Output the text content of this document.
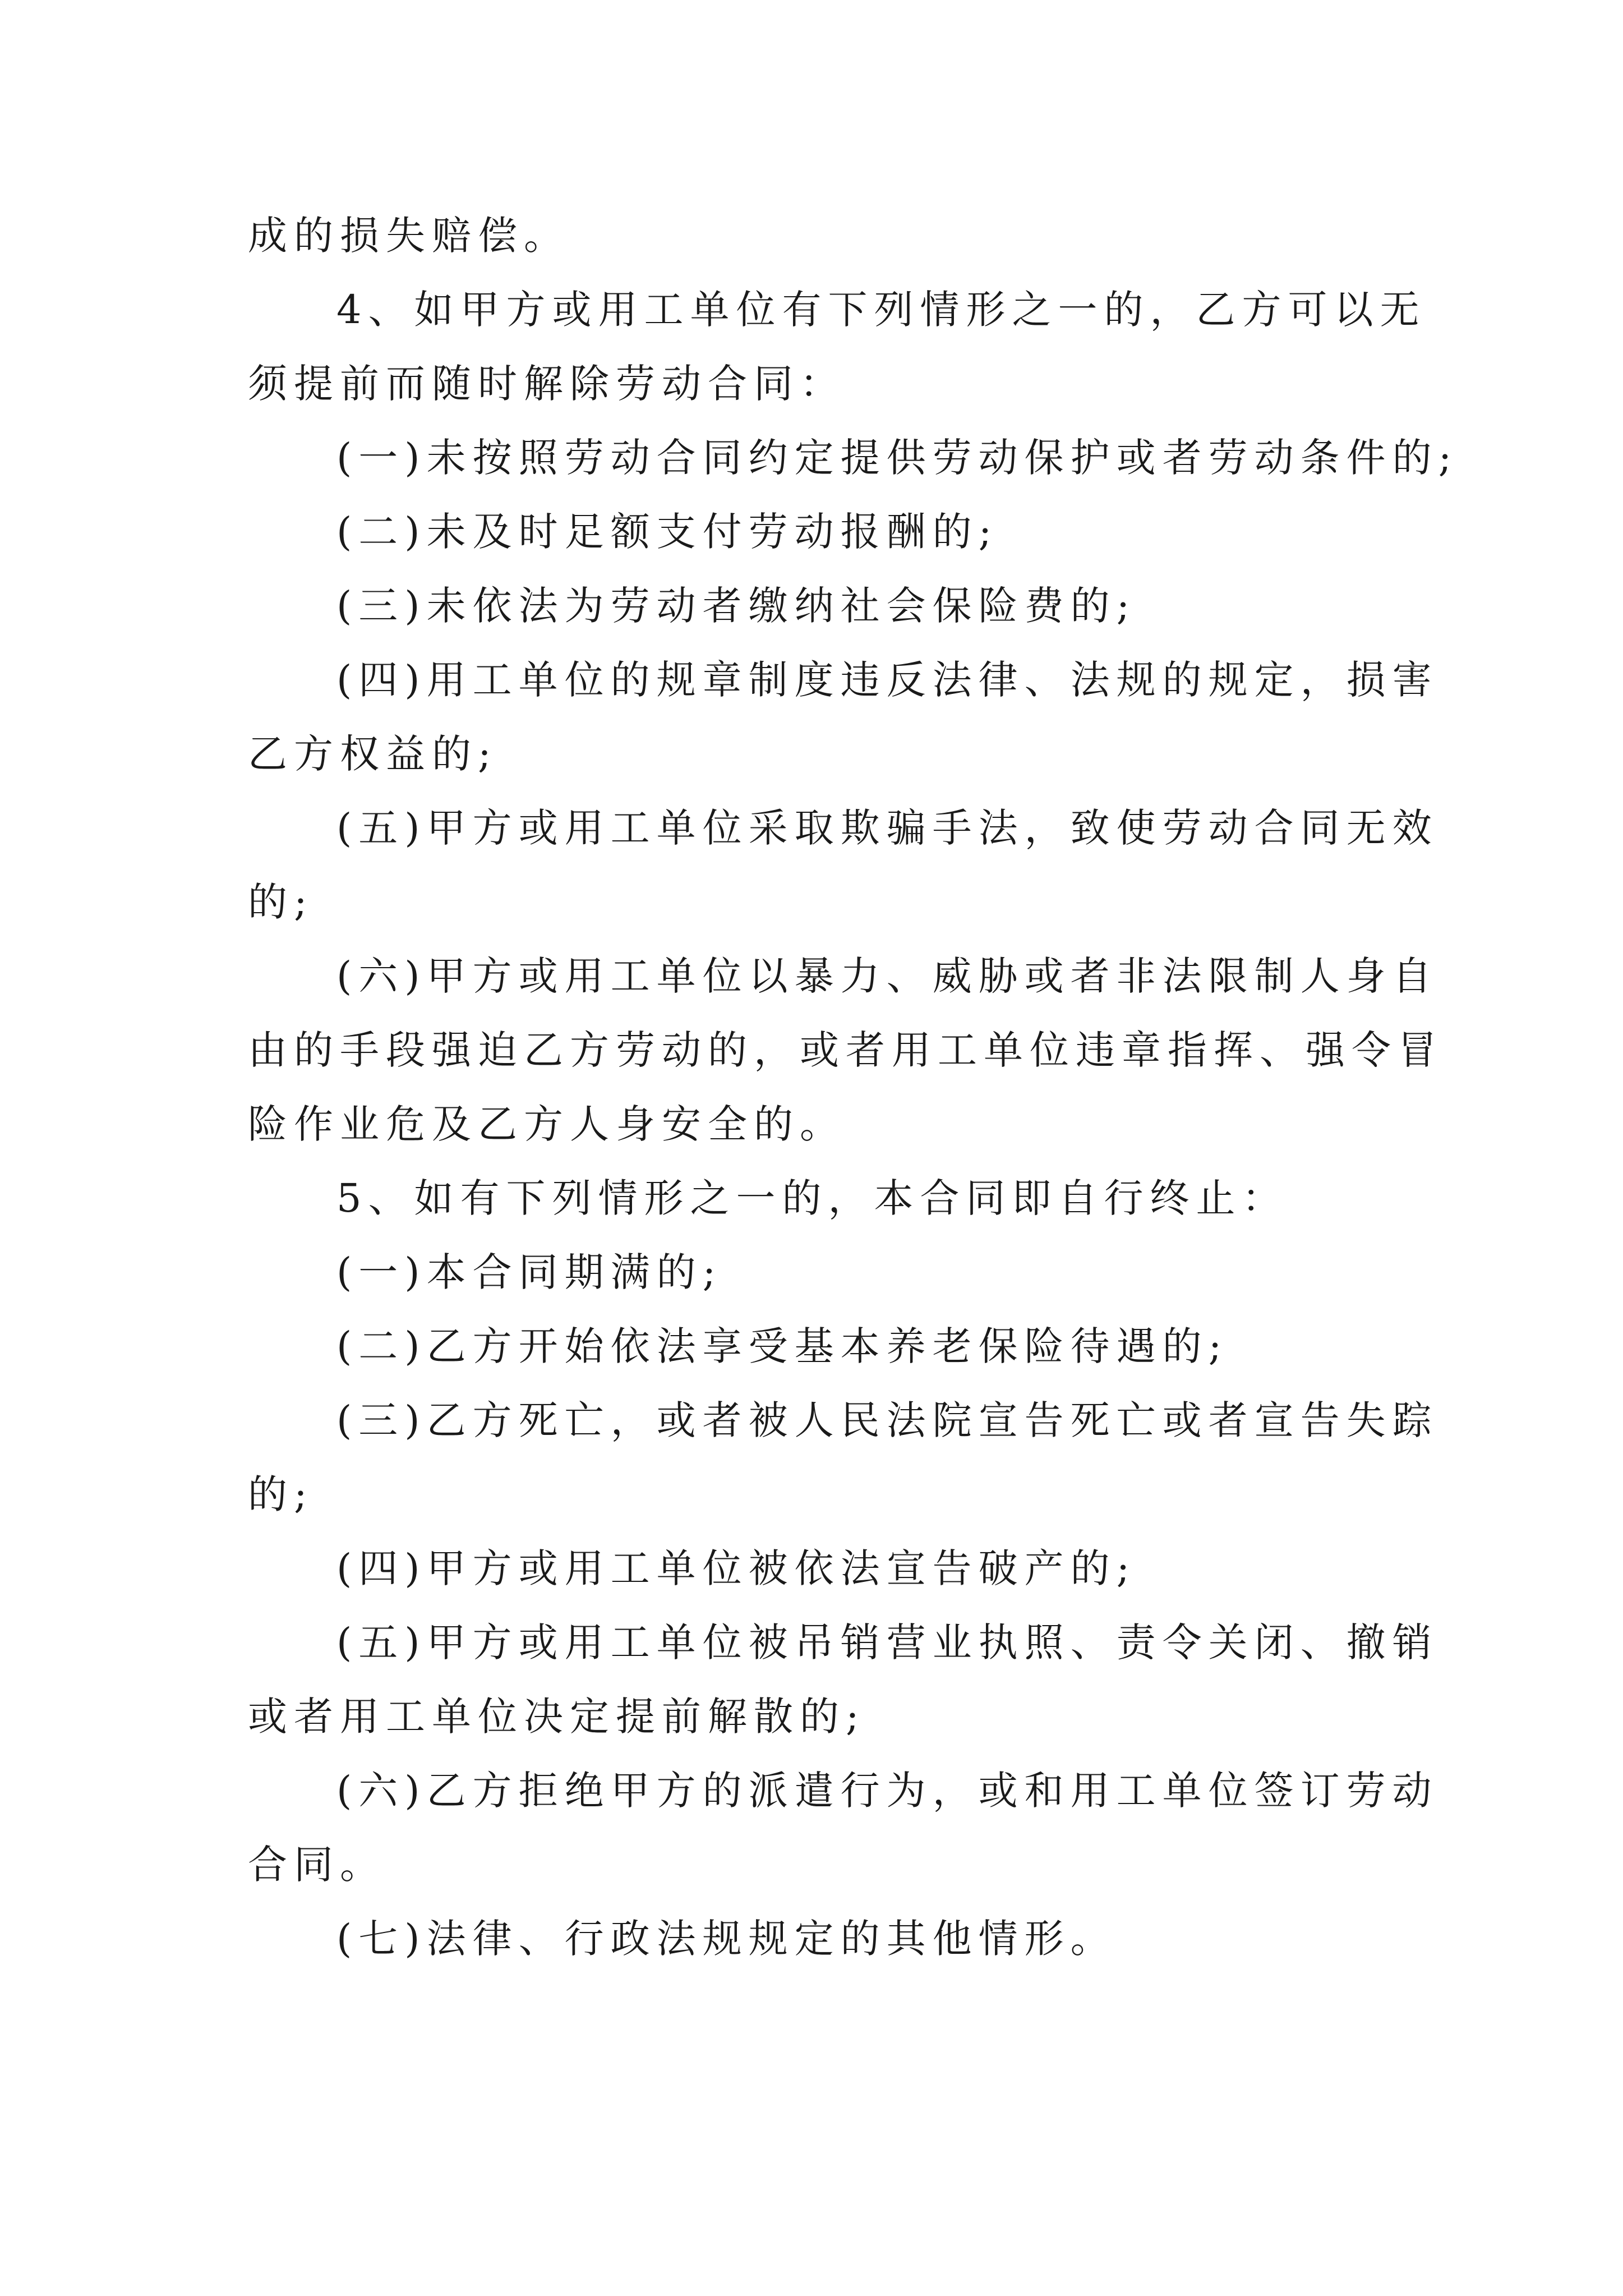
成的损失赔偿。
4、如甲方或用工单位有下列情形之一的，乙方可以无
须提前而随时解除劳动合同：
(一)未按照劳动合同约定提供劳动保护或者劳动条件的;
(二)未及时足额支付劳动报酬的;
(三)未依法为劳动者缴纳社会保险费的;
(四)用工单位的规章制度违反法律、法规的规定，损害
乙方权益的;
(五)甲方或用工单位采取欺骗手法，致使劳动合同无效
的;
(六)甲方或用工单位以暴力、威胁或者非法限制人身自
由的手段强迫乙方劳动的，或者用工单位违章指挥、强令冒
险作业危及乙方人身安全的。
5、如有下列情形之一的，本合同即自行终止：
(一)本合同期满的;
(二)乙方开始依法享受基本养老保险待遇的;
(三)乙方死亡，或者被人民法院宣告死亡或者宣告失踪
的;
(四)甲方或用工单位被依法宣告破产的;
(五)甲方或用工单位被吊销营业执照、责令关闭、撤销
或者用工单位决定提前解散的;
(六)乙方拒绝甲方的派遣行为，或和用工单位签订劳动
合同。
(七)法律、行政法规规定的其他情形。
